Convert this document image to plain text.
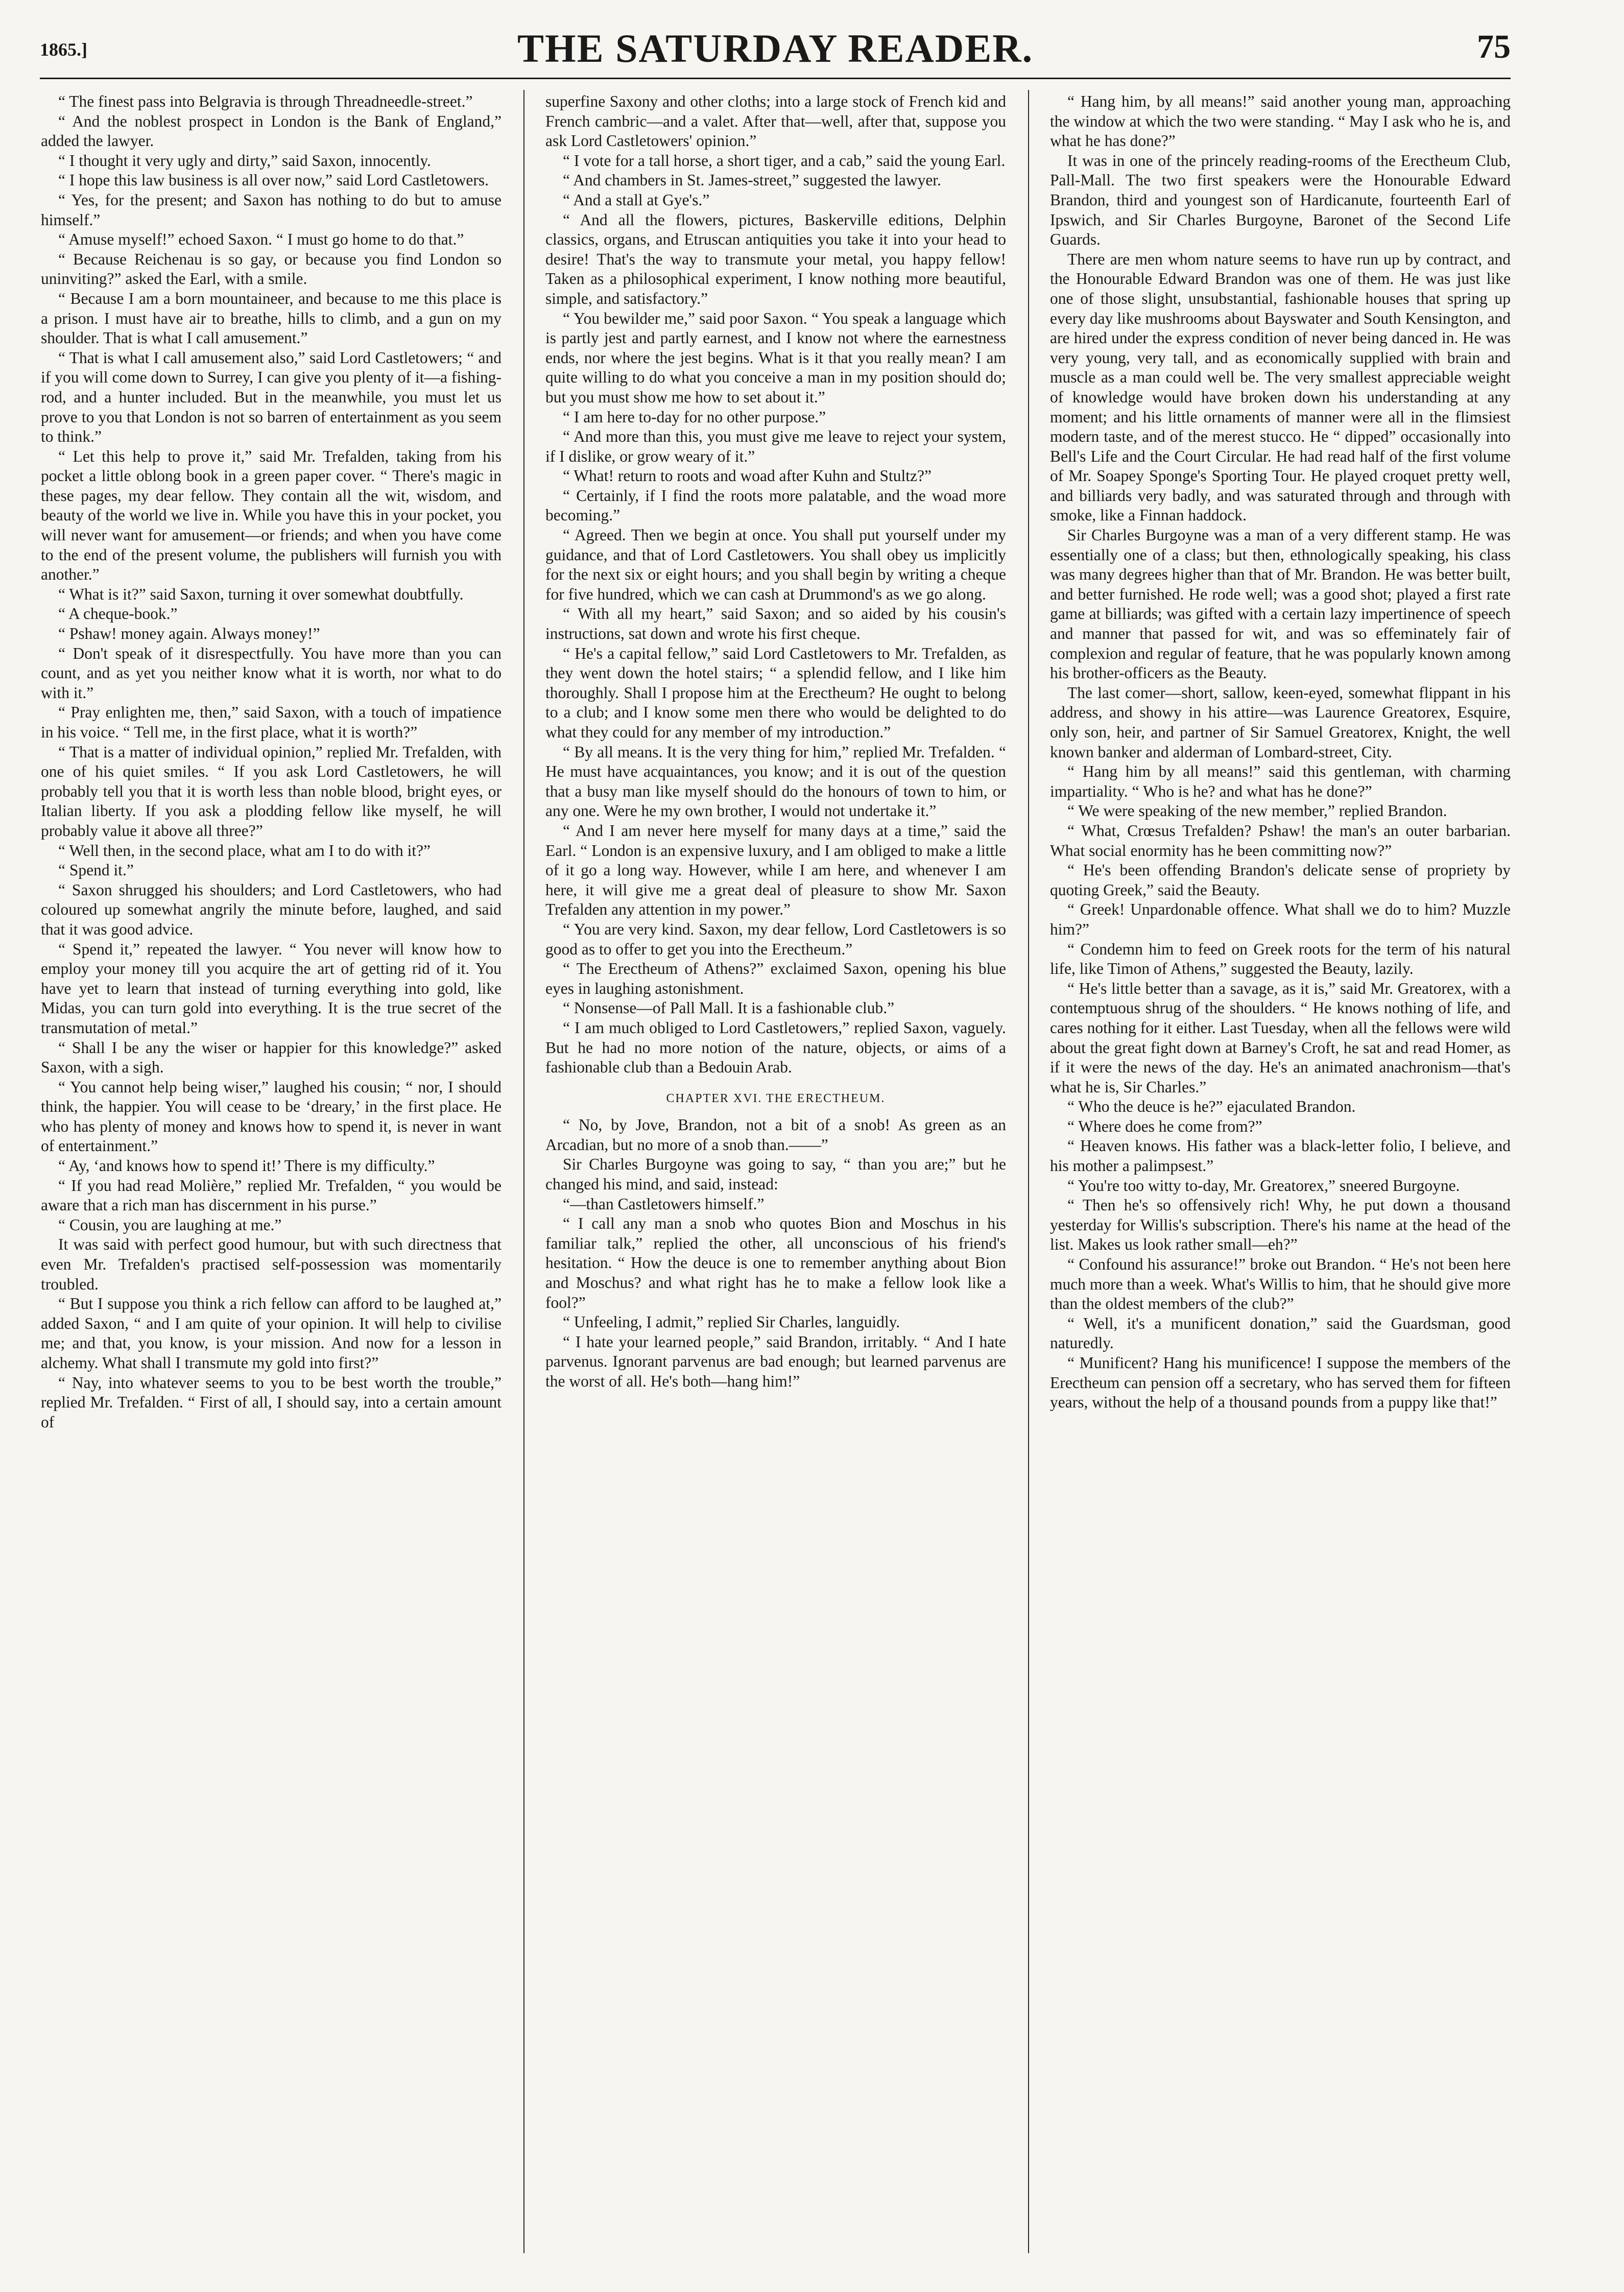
1865.]	THE SATURDAY READER.	75

“ The finest pass into Belgravia is through Threadneedle-street.”

“ And the noblest prospect in London is the Bank of England,” added the lawyer.

“ I thought it very ugly and dirty,” said Saxon, innocently.

“ I hope this law business is all over now,” said Lord Castletowers.

“ Yes, for the present; and Saxon has nothing to do but to amuse himself.”

“ Amuse myself!” echoed Saxon. “ I must go home to do that.”

“ Because Reichenau is so gay, or because you find London so uninviting?” asked the Earl, with a smile.

“ Because I am a born mountaineer, and because to me this place is a prison. I must have air to breathe, hills to climb, and a gun on my shoulder. That is what I call amusement.”

“ That is what I call amusement also,” said Lord Castletowers; “ and if you will come down to Surrey, I can give you plenty of it—a fishing-rod, and a hunter included. But in the meanwhile, you must let us prove to you that London is not so barren of entertainment as you seem to think.”

“ Let this help to prove it,” said Mr. Trefalden, taking from his pocket a little oblong book in a green paper cover. “ There's magic in these pages, my dear fellow. They contain all the wit, wisdom, and beauty of the world we live in. While you have this in your pocket, you will never want for amusement—or friends; and when you have come to the end of the present volume, the publishers will furnish you with another.”

“ What is it?” said Saxon, turning it over somewhat doubtfully.

“ A cheque-book.”

“ Pshaw! money again. Always money!”

“ Don't speak of it disrespectfully. You have more than you can count, and as yet you neither know what it is worth, nor what to do with it.”

“ Pray enlighten me, then,” said Saxon, with a touch of impatience in his voice. “ Tell me, in the first place, what it is worth?”

“ That is a matter of individual opinion,” replied Mr. Trefalden, with one of his quiet smiles. “ If you ask Lord Castletowers, he will probably tell you that it is worth less than noble blood, bright eyes, or Italian liberty. If you ask a plodding fellow like myself, he will probably value it above all three?”

“ Well then, in the second place, what am I to do with it?”

“ Spend it.”

“ Saxon shrugged his shoulders; and Lord Castletowers, who had coloured up somewhat angrily the minute before, laughed, and said that it was good advice.

“ Spend it,” repeated the lawyer. “ You never will know how to employ your money till you acquire the art of getting rid of it. You have yet to learn that instead of turning everything into gold, like Midas, you can turn gold into everything. It is the true secret of the transmutation of metal.”

“ Shall I be any the wiser or happier for this knowledge?” asked Saxon, with a sigh.

“ You cannot help being wiser,” laughed his cousin; “ nor, I should think, the happier. You will cease to be ‘dreary,’ in the first place. He who has plenty of money and knows how to spend it, is never in want of entertainment.”

“ Ay, ‘and knows how to spend it!’ There is my difficulty.”

“ If you had read Molière,” replied Mr. Trefalden, “ you would be aware that a rich man has discernment in his purse.”

“ Cousin, you are laughing at me.”

It was said with perfect good humour, but with such directness that even Mr. Trefalden's practised self-possession was momentarily troubled.

“ But I suppose you think a rich fellow can afford to be laughed at,” added Saxon, “ and I am quite of your opinion. It will help to civilise me; and that, you know, is your mission. And now for a lesson in alchemy. What shall I transmute my gold into first?”

“ Nay, into whatever seems to you to be best worth the trouble,” replied Mr. Trefalden. “ First of all, I should say, into a certain amount of

superfine Saxony and other cloths; into a large stock of French kid and French cambric—and a valet. After that—well, after that, suppose you ask Lord Castletowers' opinion.”

“ I vote for a tall horse, a short tiger, and a cab,” said the young Earl.

“ And chambers in St. James-street,” suggested the lawyer.

“ And a stall at Gye's.”

“ And all the flowers, pictures, Baskerville editions, Delphin classics, organs, and Etruscan antiquities you take it into your head to desire! That's the way to transmute your metal, you happy fellow! Taken as a philosophical experiment, I know nothing more beautiful, simple, and satisfactory.”

“ You bewilder me,” said poor Saxon. “ You speak a language which is partly jest and partly earnest, and I know not where the earnestness ends, nor where the jest begins. What is it that you really mean? I am quite willing to do what you conceive a man in my position should do; but you must show me how to set about it.”

“ I am here to-day for no other purpose.”

“ And more than this, you must give me leave to reject your system, if I dislike, or grow weary of it.”

“ What! return to roots and woad after Kuhn and Stultz?”

“ Certainly, if I find the roots more palatable, and the woad more becoming.”

“ Agreed. Then we begin at once. You shall put yourself under my guidance, and that of Lord Castletowers. You shall obey us implicitly for the next six or eight hours; and you shall begin by writing a cheque for five hundred, which we can cash at Drummond's as we go along.

“ With all my heart,” said Saxon; and so aided by his cousin's instructions, sat down and wrote his first cheque.

“ He's a capital fellow,” said Lord Castletowers to Mr. Trefalden, as they went down the hotel stairs; “ a splendid fellow, and I like him thoroughly. Shall I propose him at the Erectheum? He ought to belong to a club; and I know some men there who would be delighted to do what they could for any member of my introduction.”

“ By all means. It is the very thing for him,” replied Mr. Trefalden. “ He must have acquaintances, you know; and it is out of the question that a busy man like myself should do the honours of town to him, or any one. Were he my own brother, I would not undertake it.”

“ And I am never here myself for many days at a time,” said the Earl. “ London is an expensive luxury, and I am obliged to make a little of it go a long way. However, while I am here, and whenever I am here, it will give me a great deal of pleasure to show Mr. Saxon Trefalden any attention in my power.”

“ You are very kind. Saxon, my dear fellow, Lord Castletowers is so good as to offer to get you into the Erectheum.”

“ The Erectheum of Athens?” exclaimed Saxon, opening his blue eyes in laughing astonishment.

“ Nonsense—of Pall Mall. It is a fashionable club.”

“ I am much obliged to Lord Castletowers,” replied Saxon, vaguely. But he had no more notion of the nature, objects, or aims of a fashionable club than a Bedouin Arab.

CHAPTER XVI. THE ERECTHEUM.

“ No, by Jove, Brandon, not a bit of a snob! As green as an Arcadian, but no more of a snob than.——”

Sir Charles Burgoyne was going to say, “ than you are;” but he changed his mind, and said, instead:

“—than Castletowers himself.”

“ I call any man a snob who quotes Bion and Moschus in his familiar talk,” replied the other, all unconscious of his friend's hesitation. “ How the deuce is one to remember anything about Bion and Moschus? and what right has he to make a fellow look like a fool?”

“ Unfeeling, I admit,” replied Sir Charles, languidly.

“ I hate your learned people,” said Brandon, irritably. “ And I hate parvenus. Ignorant parvenus are bad enough; but learned parvenus are the worst of all. He's both—hang him!”

“ Hang him, by all means!” said another young man, approaching the window at which the two were standing. “ May I ask who he is, and what he has done?”

It was in one of the princely reading-rooms of the Erectheum Club, Pall-Mall. The two first speakers were the Honourable Edward Brandon, third and youngest son of Hardicanute, fourteenth Earl of Ipswich, and Sir Charles Burgoyne, Baronet of the Second Life Guards.

There are men whom nature seems to have run up by contract, and the Honourable Edward Brandon was one of them. He was just like one of those slight, unsubstantial, fashionable houses that spring up every day like mushrooms about Bayswater and South Kensington, and are hired under the express condition of never being danced in. He was very young, very tall, and as economically supplied with brain and muscle as a man could well be. The very smallest appreciable weight of knowledge would have broken down his understanding at any moment; and his little ornaments of manner were all in the flimsiest modern taste, and of the merest stucco. He “ dipped” occasionally into Bell's Life and the Court Circular. He had read half of the first volume of Mr. Soapey Sponge's Sporting Tour. He played croquet pretty well, and billiards very badly, and was saturated through and through with smoke, like a Finnan haddock.

Sir Charles Burgoyne was a man of a very different stamp. He was essentially one of a class; but then, ethnologically speaking, his class was many degrees higher than that of Mr. Brandon. He was better built, and better furnished. He rode well; was a good shot; played a first rate game at billiards; was gifted with a certain lazy impertinence of speech and manner that passed for wit, and was so effeminately fair of complexion and regular of feature, that he was popularly known among his brother-officers as the Beauty.

The last comer—short, sallow, keen-eyed, somewhat flippant in his address, and showy in his attire—was Laurence Greatorex, Esquire, only son, heir, and partner of Sir Samuel Greatorex, Knight, the well known banker and alderman of Lombard-street, City.

“ Hang him by all means!” said this gentleman, with charming impartiality. “ Who is he? and what has he done?”

“ We were speaking of the new member,” replied Brandon.

“ What, Crœsus Trefalden? Pshaw! the man's an outer barbarian. What social enormity has he been committing now?”

“ He's been offending Brandon's delicate sense of propriety by quoting Greek,” said the Beauty.

“ Greek! Unpardonable offence. What shall we do to him? Muzzle him?”

“ Condemn him to feed on Greek roots for the term of his natural life, like Timon of Athens,” suggested the Beauty, lazily.

“ He's little better than a savage, as it is,” said Mr. Greatorex, with a contemptuous shrug of the shoulders. “ He knows nothing of life, and cares nothing for it either. Last Tuesday, when all the fellows were wild about the great fight down at Barney's Croft, he sat and read Homer, as if it were the news of the day. He's an animated anachronism—that's what he is, Sir Charles.”

“ Who the deuce is he?” ejaculated Brandon.

“ Where does he come from?”

“ Heaven knows. His father was a black-letter folio, I believe, and his mother a palimpsest.”

“ You're too witty to-day, Mr. Greatorex,” sneered Burgoyne.

“ Then he's so offensively rich! Why, he put down a thousand yesterday for Willis's subscription. There's his name at the head of the list. Makes us look rather small—eh?”

“ Confound his assurance!” broke out Brandon. “ He's not been here much more than a week. What's Willis to him, that he should give more than the oldest members of the club?”

“ Well, it's a munificent donation,” said the Guardsman, good naturedly.

“ Munificent? Hang his munificence! I suppose the members of the Erectheum can pension off a secretary, who has served them for fifteen years, without the help of a thousand pounds from a puppy like that!”
